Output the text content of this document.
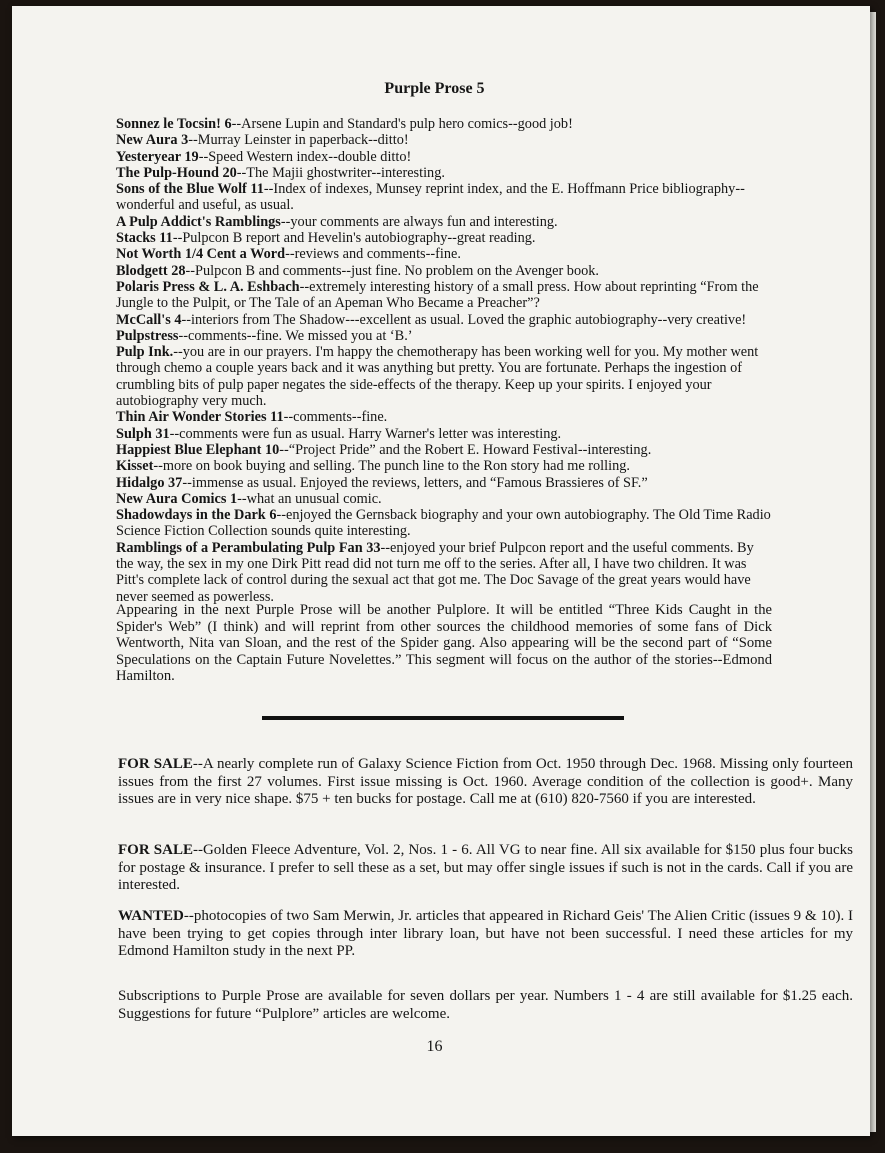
Purple Prose 5

Sonnez le Tocsin! 6--Arsene Lupin and Standard's pulp hero comics--good job!

New Aura 3--Murray Leinster in paperback--ditto!

Yesteryear 19--Speed Western index--double ditto!

The Pulp-Hound 20--The Majii ghostwriter--interesting.

Sons of the Blue Wolf 11--Index of indexes, Munsey reprint index, and the E. Hoffmann Price bibliography--wonderful and useful, as usual.

A Pulp Addict's Ramblings--your comments are always fun and interesting.

Stacks 11--Pulpcon B report and Hevelin's autobiography--great reading.

Not Worth 1/4 Cent a Word--reviews and comments--fine.

Blodgett 28--Pulpcon B and comments--just fine. No problem on the Avenger book.

Polaris Press & L. A. Eshbach--extremely interesting history of a small press. How about reprinting “From the Jungle to the Pulpit, or The Tale of an Apeman Who Became a Preacher”?

McCall's 4--interiors from The Shadow---excellent as usual. Loved the graphic autobiography--very creative!

Pulpstress--comments--fine. We missed you at ‘B.’

Pulp Ink.--you are in our prayers. I'm happy the chemotherapy has been working well for you. My mother went through chemo a couple years back and it was anything but pretty. You are fortunate. Perhaps the ingestion of crumbling bits of pulp paper negates the side-effects of the therapy. Keep up your spirits. I enjoyed your autobiography very much.

Thin Air Wonder Stories 11--comments--fine.

Sulph 31--comments were fun as usual. Harry Warner's letter was interesting.

Happiest Blue Elephant 10--“Project Pride” and the Robert E. Howard Festival--interesting.

Kisset--more on book buying and selling. The punch line to the Ron story had me rolling.

Hidalgo 37--immense as usual. Enjoyed the reviews, letters, and “Famous Brassieres of SF.”

New Aura Comics 1--what an unusual comic.

Shadowdays in the Dark 6--enjoyed the Gernsback biography and your own autobiography. The Old Time Radio Science Fiction Collection sounds quite interesting.

Ramblings of a Perambulating Pulp Fan 33--enjoyed your brief Pulpcon report and the useful comments. By the way, the sex in my one Dirk Pitt read did not turn me off to the series. After all, I have two children. It was Pitt's complete lack of control during the sexual act that got me. The Doc Savage of the great years would have never seemed as powerless.

Appearing in the next Purple Prose will be another Pulplore. It will be entitled “Three Kids Caught in the Spider's Web” (I think) and will reprint from other sources the childhood memories of some fans of Dick Wentworth, Nita van Sloan, and the rest of the Spider gang. Also appearing will be the second part of “Some Speculations on the Captain Future Novelettes.” This segment will focus on the author of the stories--Edmond Hamilton.

FOR SALE--A nearly complete run of Galaxy Science Fiction from Oct. 1950 through Dec. 1968. Missing only fourteen issues from the first 27 volumes. First issue missing is Oct. 1960. Average condition of the collection is good+. Many issues are in very nice shape. $75 + ten bucks for postage. Call me at (610) 820-7560 if you are interested.

FOR SALE--Golden Fleece Adventure, Vol. 2, Nos. 1 - 6. All VG to near fine. All six available for $150 plus four bucks for postage & insurance. I prefer to sell these as a set, but may offer single issues if such is not in the cards. Call if you are interested.

WANTED--photocopies of two Sam Merwin, Jr. articles that appeared in Richard Geis' The Alien Critic (issues 9 & 10). I have been trying to get copies through inter library loan, but have not been successful. I need these articles for my Edmond Hamilton study in the next PP.

Subscriptions to Purple Prose are available for seven dollars per year. Numbers 1 - 4 are still available for $1.25 each. Suggestions for future “Pulplore” articles are welcome.

16
